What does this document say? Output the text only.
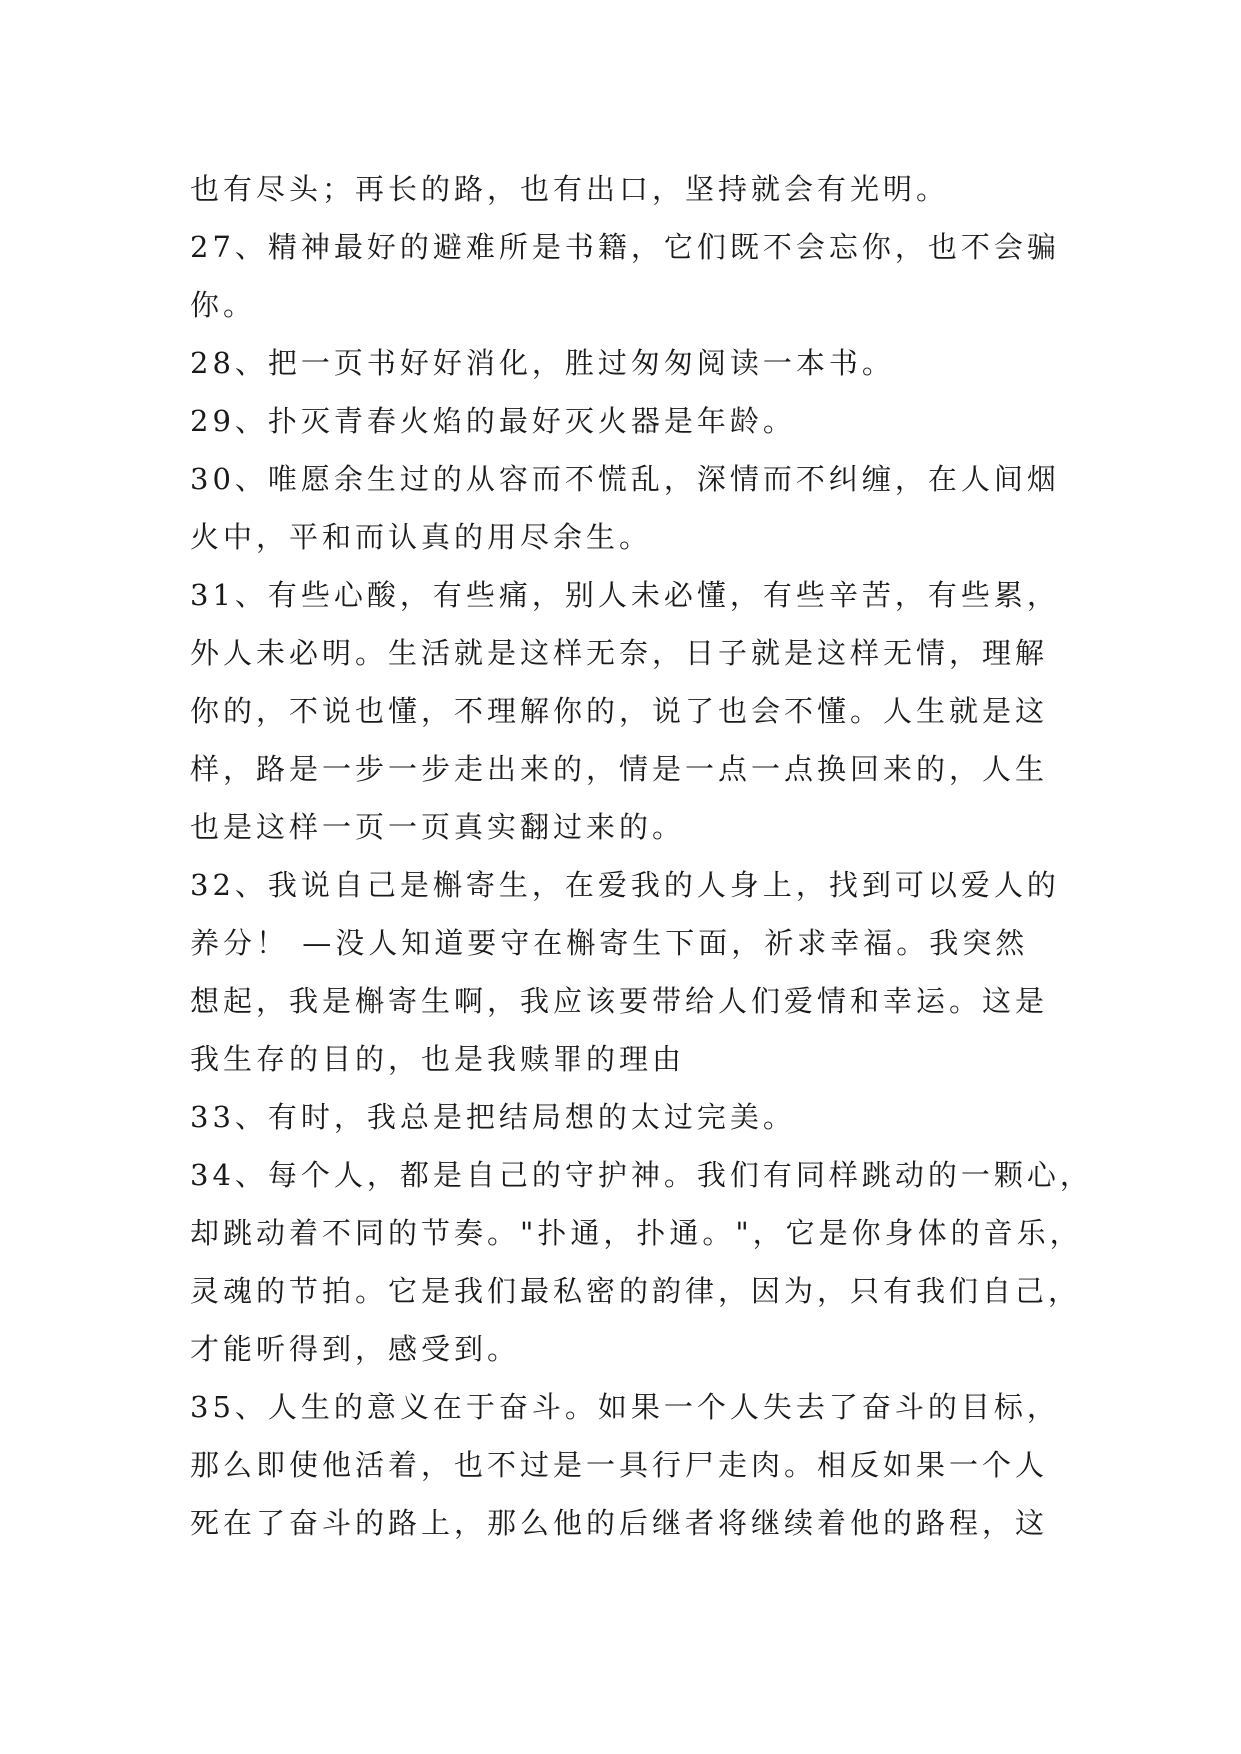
也有尽头；再长的路，也有出口，坚持就会有光明。
27、精神最好的避难所是书籍，它们既不会忘你，也不会骗
你。
28、把一页书好好消化，胜过匆匆阅读一本书。
29、扑灭青春火焰的最好灭火器是年龄。
30、唯愿余生过的从容而不慌乱，深情而不纠缠，在人间烟
火中，平和而认真的用尽余生。
31、有些心酸，有些痛，别人未必懂，有些辛苦，有些累，
外人未必明。生活就是这样无奈，日子就是这样无情，理解
你的，不说也懂，不理解你的，说了也会不懂。人生就是这
样，路是一步一步走出来的，情是一点一点换回来的，人生
也是这样一页一页真实翻过来的。
32、我说自己是槲寄生，在爱我的人身上，找到可以爱人的
养分！ —没人知道要守在槲寄生下面，祈求幸福。我突然
想起，我是槲寄生啊，我应该要带给人们爱情和幸运。这是
我生存的目的，也是我赎罪的理由
33、有时，我总是把结局想的太过完美。
34、每个人，都是自己的守护神。我们有同样跳动的一颗心，
却跳动着不同的节奏。"扑通，扑通。"，它是你身体的音乐，
灵魂的节拍。它是我们最私密的韵律，因为，只有我们自己，
才能听得到，感受到。
35、人生的意义在于奋斗。如果一个人失去了奋斗的目标，
那么即使他活着，也不过是一具行尸走肉。相反如果一个人
死在了奋斗的路上，那么他的后继者将继续着他的路程，这
